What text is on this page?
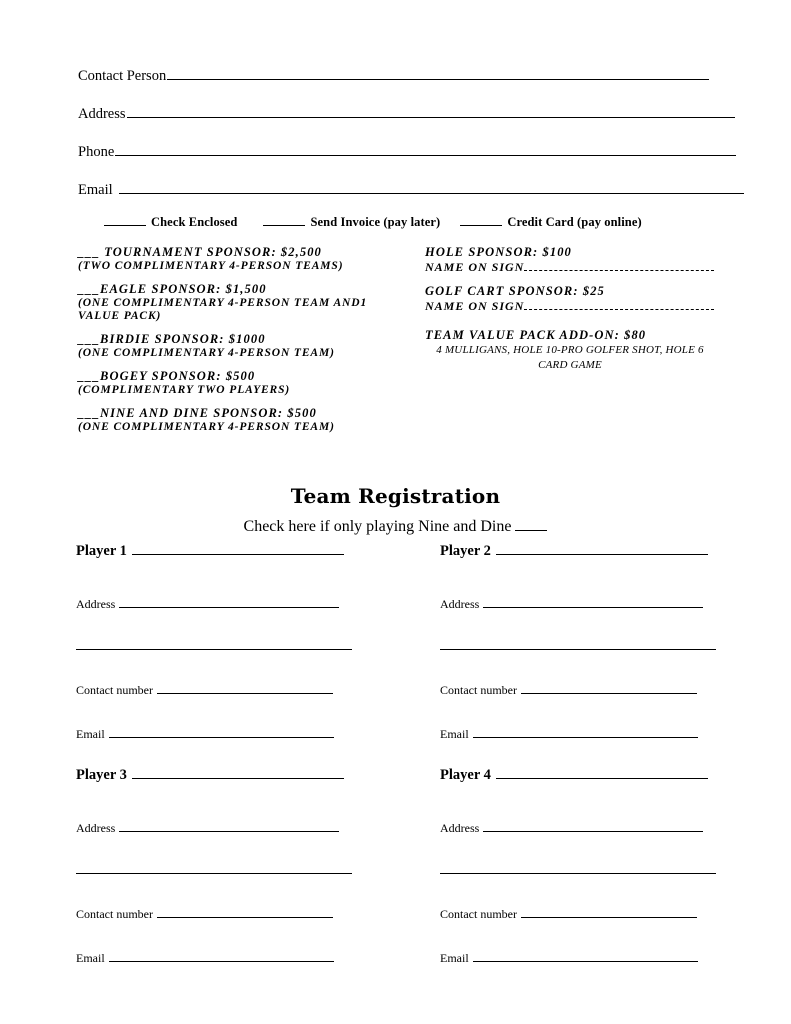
Contact Person
Address
Phone
Email
Check Enclosed	Send Invoice (pay later)	Credit Card (pay online)
___ TOURNAMENT SPONSOR: $2,500
(TWO COMPLIMENTARY 4-PERSON TEAMS)
___EAGLE SPONSOR: $1,500
(ONE COMPLIMENTARY 4-PERSON TEAM AND1 VALUE PACK)
___BIRDIE SPONSOR: $1000
(ONE COMPLIMENTARY 4-PERSON TEAM)
___BOGEY SPONSOR: $500
(COMPLIMENTARY TWO PLAYERS)
___NINE AND DINE SPONSOR: $500
(ONE COMPLIMENTARY 4-PERSON TEAM)
HOLE SPONSOR: $100
NAME ON SIGN
GOLF CART SPONSOR: $25
NAME ON SIGN
TEAM VALUE PACK ADD-ON: $80
4 MULLIGANS, HOLE 10-PRO GOLFER SHOT, HOLE 6
CARD GAME
Team Registration
Check here if only playing Nine and Dine
Player 1
Address
Contact number
Email
Player 2
Address
Contact number
Email
Player 3
Address
Contact number
Email
Player 4
Address
Contact number
Email
